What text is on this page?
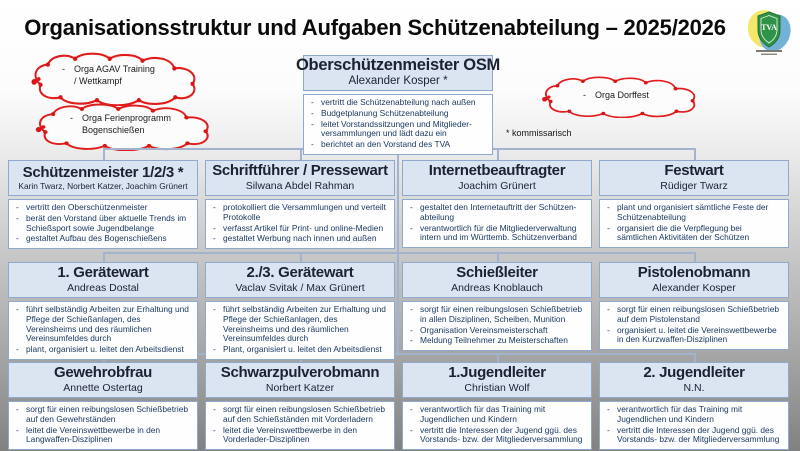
Organisationsstruktur und Aufgaben Schützenabteilung – 2025/2026	TVA
- Orga AGAV Training
/ Wettkampf
- Orga Ferienprogramm
Bogenschießen
- Orga Dorffest
Oberschützenmeister OSM
Alexander Kosper *
- vertritt die Schützenabteilung nach außen
- Budgetplanung Schützenabteilung
- leitet Vorstandssitzungen und Mitglieder-versammlungen und lädt dazu ein
- berichtet an den Vorstand des TVA
* kommissarisch
Schützenmeister 1/2/3 *
Karin Twarz, Norbert Katzer, Joachim Grünert
- vertritt den Oberschützenmeister
- berät den Vorstand über aktuelle Trends im Schießsport sowie Jugendbelange
- gestaltet Aufbau des Bogenschießens
Schriftführer / Pressewart
Silwana Abdel Rahman
- protokolliert die Versammlungen und verteilt Protokolle
- verfasst Artikel für Print- und online-Medien
- gestaltet Werbung nach innen und außen
Internetbeauftragter
Joachim Grünert
- gestaltet den Internetauftritt der Schützen-abteilung
- verantwortlich für die Mitgliederverwaltung intern und im Württemb. Schützenverband
Festwart
Rüdiger Twarz
- plant und organisiert sämtliche Feste der Schützenabteilung
- organsiert die die Verpflegung bei sämtlichen Aktivitäten der Schützen
1. Gerätewart
Andreas Dostal
- führt selbständig Arbeiten zur Erhaltung und Pflege der Schießanlagen, des Vereinsheims und des räumlichen Vereinsumfeldes durch
- plant, organisiert u. leitet den Arbeitsdienst
2./3. Gerätewart
Vaclav Svitak / Max Grünert
- führt selbständig Arbeiten zur Erhaltung und Pflege der Schießanlagen, des Vereinsheims und des räumlichen Vereinsumfeldes durch
- Plant, organisiert u. leitet den Arbeitsdienst
Schießleiter
Andreas Knoblauch
- sorgt für einen reibungslosen Schießbetrieb in allen Disziplinen, Scheiben, Munition
- Organisation Vereinsmeisterschaft
- Meldung Teilnehmer zu Meisterschaften
Pistolenobmann
Alexander Kosper
- sorgt für einen reibungslosen Schießbetrieb auf dem Pistolenstand
- organisiert u. leitet die Vereinswettbewerbe in den Kurzwaffen-Disziplinen
Gewehrobfrau
Annette Ostertag
- sorgt für einen reibungslosen Schießbetrieb auf den Gewehrständen
- leitet die Vereinswettbewerbe in den Langwaffen-Disziplinen
Schwarzpulverobmann
Norbert Katzer
- sorgt für einen reibungslosen Schießbetrieb auf den Schießständen mit Vorderladern
- leitet die Vereinswettbewerbe in den Vorderlader-Disziplinen
1.Jugendleiter
Christian Wolf
- verantwortlich für das Training mit Jugendlichen und Kindern
- vertritt die Interessen der Jugend ggü. des Vorstands- bzw. der Mitgliederversammlung
2. Jugendleiter
N.N.
- verantwortlich für das Training mit Jugendlichen und Kindern
- vertritt die Interessen der Jugend ggü. des Vorstands- bzw. der Mitgliederversammlung
